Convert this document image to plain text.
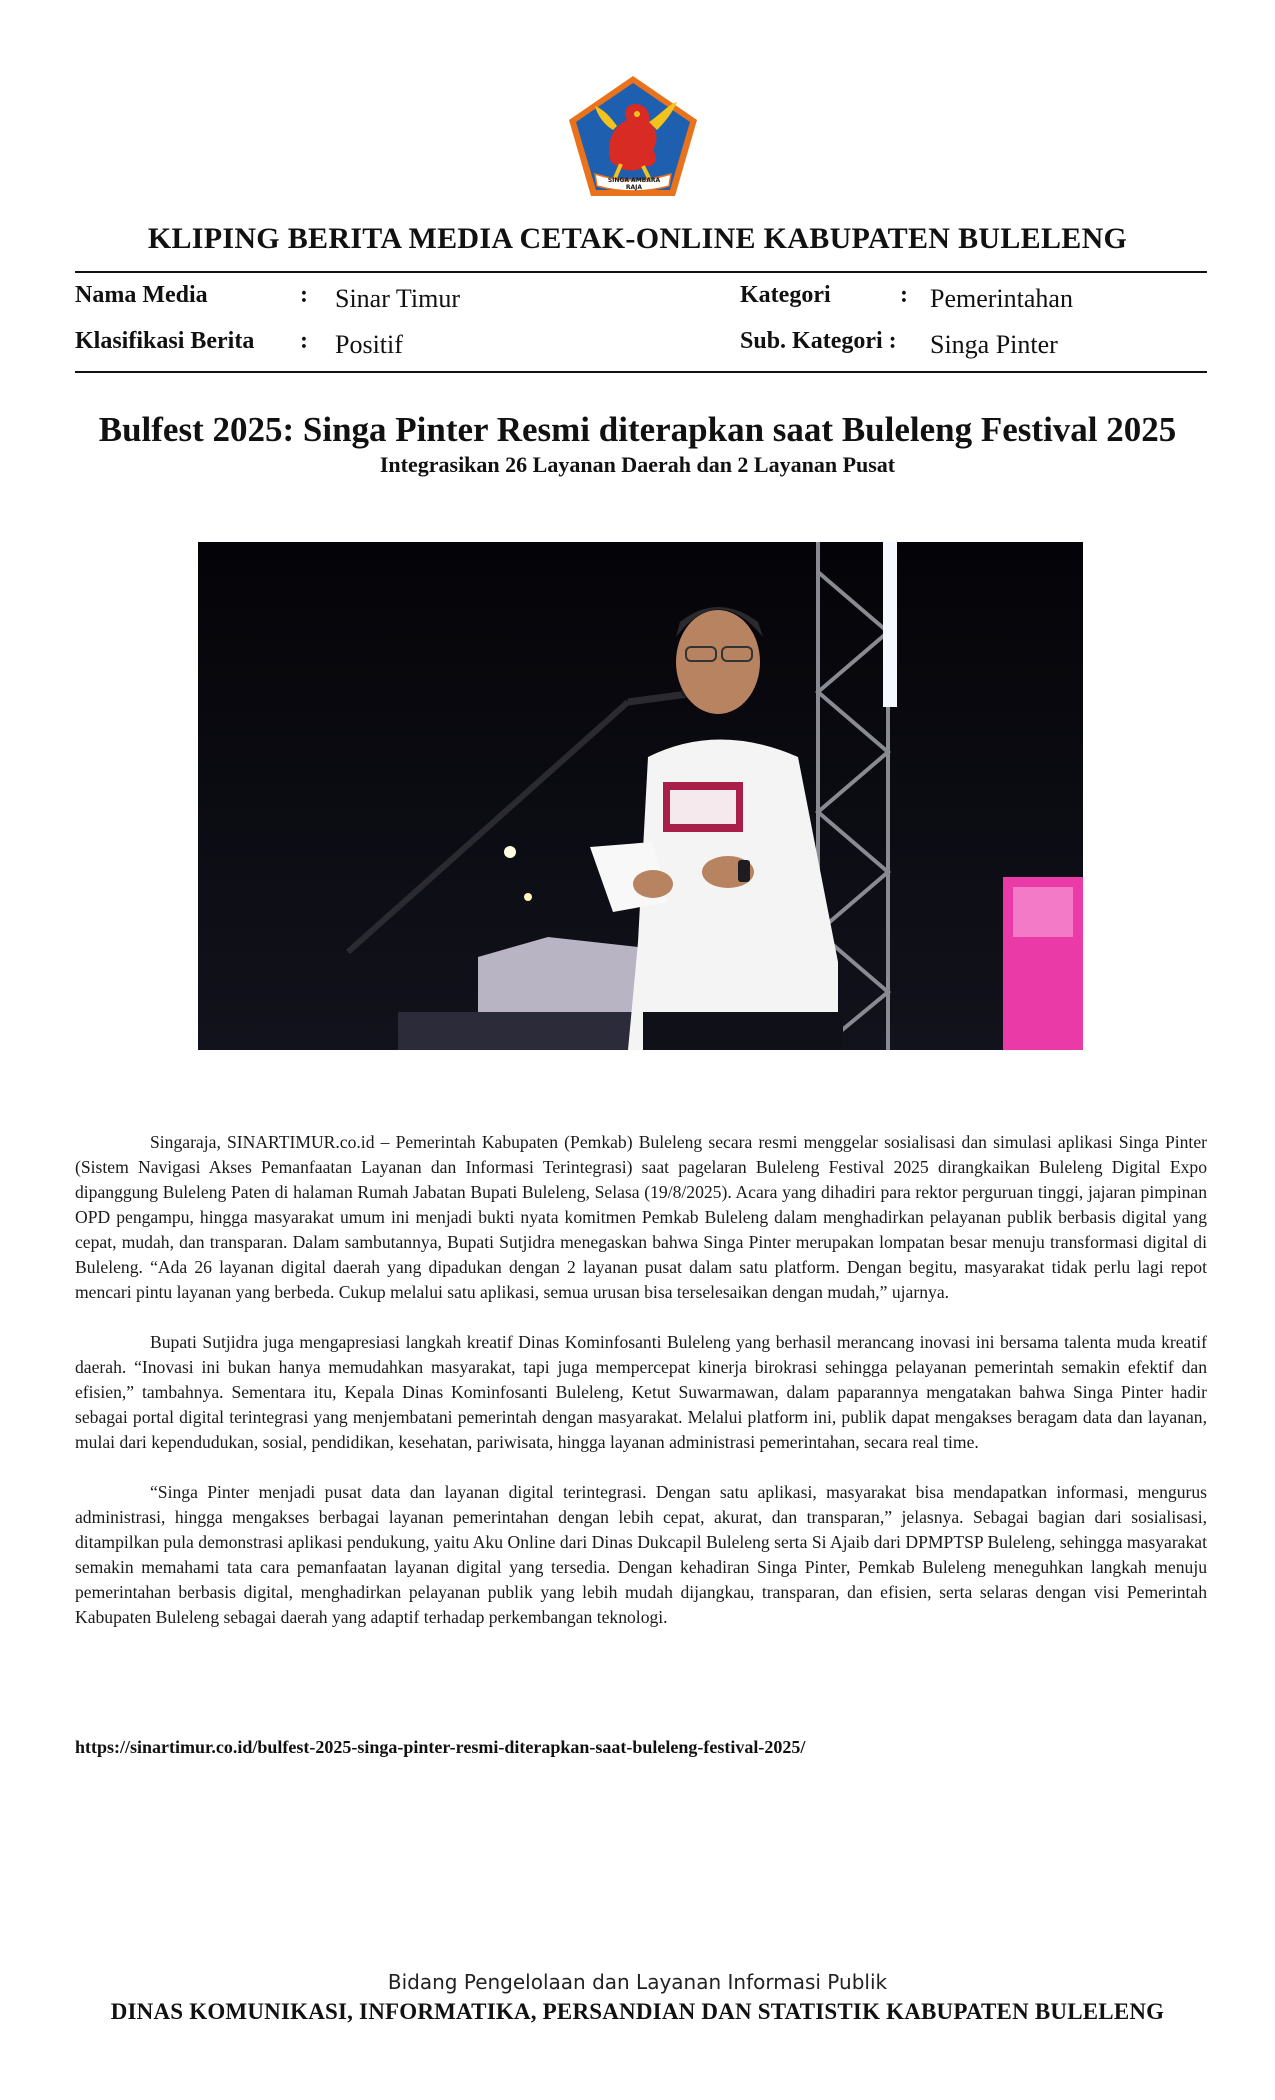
SINGA AMBARA RAJA
KLIPING BERITA MEDIA CETAK-ONLINE KABUPATEN BULELENG
Nama Media	: Sinar Timur	Kategori	: Pemerintahan
Klasifikasi Berita : Positif	Sub. Kategori : Singa Pinter
Bulfest 2025: Singa Pinter Resmi diterapkan saat Buleleng Festival 2025
Integrasikan 26 Layanan Daerah dan 2 Layanan Pusat

Singaraja, SINARTIMUR.co.id – Pemerintah Kabupaten (Pemkab) Buleleng secara resmi menggelar sosialisasi dan simulasi aplikasi Singa Pinter (Sistem Navigasi Akses Pemanfaatan Layanan dan Informasi Terintegrasi) saat pagelaran Buleleng Festival 2025 dirangkaikan Buleleng Digital Expo dipanggung Buleleng Paten di halaman Rumah Jabatan Bupati Buleleng, Selasa (19/8/2025). Acara yang dihadiri para rektor perguruan tinggi, jajaran pimpinan OPD pengampu, hingga masyarakat umum ini menjadi bukti nyata komitmen Pemkab Buleleng dalam menghadirkan pelayanan publik berbasis digital yang cepat, mudah, dan transparan. Dalam sambutannya, Bupati Sutjidra menegaskan bahwa Singa Pinter merupakan lompatan besar menuju transformasi digital di Buleleng. “Ada 26 layanan digital daerah yang dipadukan dengan 2 layanan pusat dalam satu platform. Dengan begitu, masyarakat tidak perlu lagi repot mencari pintu layanan yang berbeda. Cukup melalui satu aplikasi, semua urusan bisa terselesaikan dengan mudah,” ujarnya.

Bupati Sutjidra juga mengapresiasi langkah kreatif Dinas Kominfosanti Buleleng yang berhasil merancang inovasi ini bersama talenta muda kreatif daerah. “Inovasi ini bukan hanya memudahkan masyarakat, tapi juga mempercepat kinerja birokrasi sehingga pelayanan pemerintah semakin efektif dan efisien,” tambahnya. Sementara itu, Kepala Dinas Kominfosanti Buleleng, Ketut Suwarmawan, dalam paparannya mengatakan bahwa Singa Pinter hadir sebagai portal digital terintegrasi yang menjembatani pemerintah dengan masyarakat. Melalui platform ini, publik dapat mengakses beragam data dan layanan, mulai dari kependudukan, sosial, pendidikan, kesehatan, pariwisata, hingga layanan administrasi pemerintahan, secara real time.

“Singa Pinter menjadi pusat data dan layanan digital terintegrasi. Dengan satu aplikasi, masyarakat bisa mendapatkan informasi, mengurus administrasi, hingga mengakses berbagai layanan pemerintahan dengan lebih cepat, akurat, dan transparan,” jelasnya. Sebagai bagian dari sosialisasi, ditampilkan pula demonstrasi aplikasi pendukung, yaitu Aku Online dari Dinas Dukcapil Buleleng serta Si Ajaib dari DPMPTSP Buleleng, sehingga masyarakat semakin memahami tata cara pemanfaatan layanan digital yang tersedia. Dengan kehadiran Singa Pinter, Pemkab Buleleng meneguhkan langkah menuju pemerintahan berbasis digital, menghadirkan pelayanan publik yang lebih mudah dijangkau, transparan, dan efisien, serta selaras dengan visi Pemerintah Kabupaten Buleleng sebagai daerah yang adaptif terhadap perkembangan teknologi.

https://sinartimur.co.id/bulfest-2025-singa-pinter-resmi-diterapkan-saat-buleleng-festival-2025/
Bidang Pengelolaan dan Layanan Informasi Publik
DINAS KOMUNIKASI, INFORMATIKA, PERSANDIAN DAN STATISTIK KABUPATEN BULELENG
